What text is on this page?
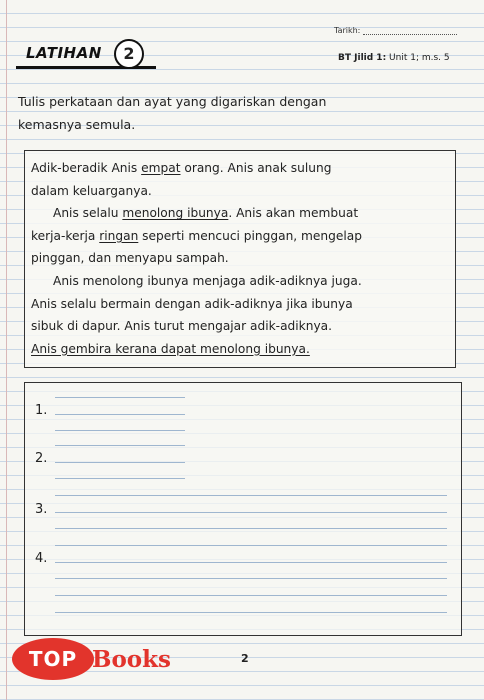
Tarikh:
LATIHAN	2	BT Jilid 1: Unit 1; m.s. 5
Tulis perkataan dan ayat yang digariskan dengan
kemasnya semula.
Adik-beradik Anis empat orang. Anis anak sulung
dalam keluarganya.
Anis selalu menolong ibunya. Anis akan membuat
kerja-kerja ringan seperti mencuci pinggan, mengelap
pinggan, dan menyapu sampah.
Anis menolong ibunya menjaga adik-adiknya juga.
Anis selalu bermain dengan adik-adiknya jika ibunya
sibuk di dapur. Anis turut mengajar adik-adiknya.
Anis gembira kerana dapat menolong ibunya.
1.
2.
3.
4.
TOP Books	2
